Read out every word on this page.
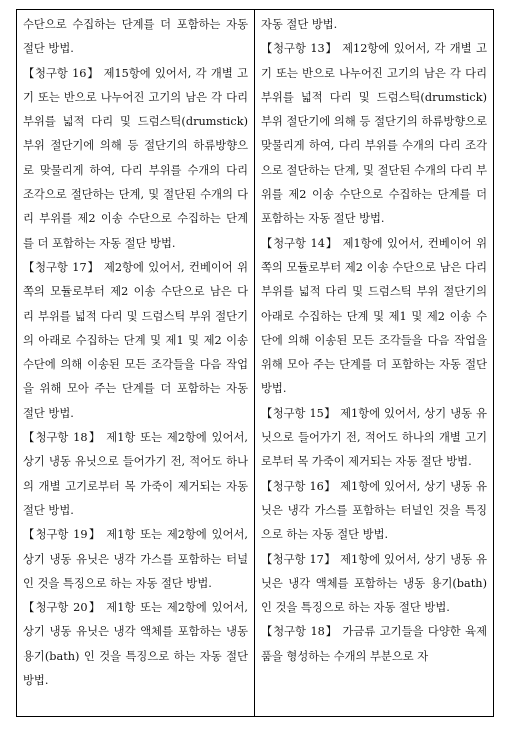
수단으로 수집하는 단계를 더 포함하는 자동 절단 방법.

【청구항 16】 제15항에 있어서, 각 개별 고기 또는 반으로 나누어진 고기의 남은 각 다리 부위를 넓적 다리 및 드럼스틱(drumstick) 부위 절단기에 의해 등 절단기의 하류방향으로 맞물리게 하여, 다리 부위를 수개의 다리 조각으로 절단하는 단계, 및 절단된 수개의 다리 부위를 제2 이송 수단으로 수집하는 단계를 더 포함하는 자동 절단 방법.

【청구항 17】 제2항에 있어서, 컨베이어 위 쪽의 모듈로부터 제2 이송 수단으로 남은 다리 부위를 넓적 다리 및 드럼스틱 부위 절단기의 아래로 수집하는 단계 및 제1 및 제2 이송 수단에 의해 이송된 모든 조각들을 다음 작업을 위해 모아 주는 단계를 더 포함하는 자동 절단 방법.

【청구항 18】 제1항 또는 제2항에 있어서, 상기 냉동 유닛으로 들어가기 전, 적어도 하나의 개별 고기로부터 목 가죽이 제거되는 자동 절단 방법.

【청구항 19】 제1항 또는 제2항에 있어서, 상기 냉동 유닛은 냉각 가스를 포함하는 터널인 것을 특징으로 하는 자동 절단 방법.

【청구항 20】 제1항 또는 제2항에 있어서, 상기 냉동 유닛은 냉각 액체를 포함하는 냉동 용기(bath) 인 것을 특징으로 하는 자동 절단 방법.

자동 절단 방법.

【청구항 13】 제12항에 있어서, 각 개별 고기 또는 반으로 나누어진 고기의 남은 각 다리 부위를 넓적 다리 및 드럼스틱(drumstick) 부위 절단기에 의해 등 절단기의 하류방향으로 맞물리게 하여, 다리 부위를 수개의 다리 조각으로 절단하는 단계, 및 절단된 수개의 다리 부위를 제2 이송 수단으로 수집하는 단계를 더 포함하는 자동 절단 방법.

【청구항 14】 제1항에 있어서, 컨베이어 위 쪽의 모듈로부터 제2 이송 수단으로 남은 다리 부위를 넓적 다리 및 드럼스틱 부위 절단기의 아래로 수집하는 단계 및 제1 및 제2 이송 수단에 의해 이송된 모든 조각들을 다음 작업을 위해 모아 주는 단계를 더 포함하는 자동 절단 방법.

【청구항 15】 제1항에 있어서, 상기 냉동 유닛으로 들어가기 전, 적어도 하나의 개별 고기로부터 목 가죽이 제거되는 자동 절단 방법.

【청구항 16】 제1항에 있어서, 상기 냉동 유닛은 냉각 가스를 포함하는 터널인 것을 특징으로 하는 자동 절단 방법.

【청구항 17】 제1항에 있어서, 상기 냉동 유닛은 냉각 액체를 포함하는 냉동 용기(bath) 인 것을 특징으로 하는 자동 절단 방법.

【청구항 18】 가금류 고기들을 다양한 육제품을 형성하는 수개의 부분으로 자
